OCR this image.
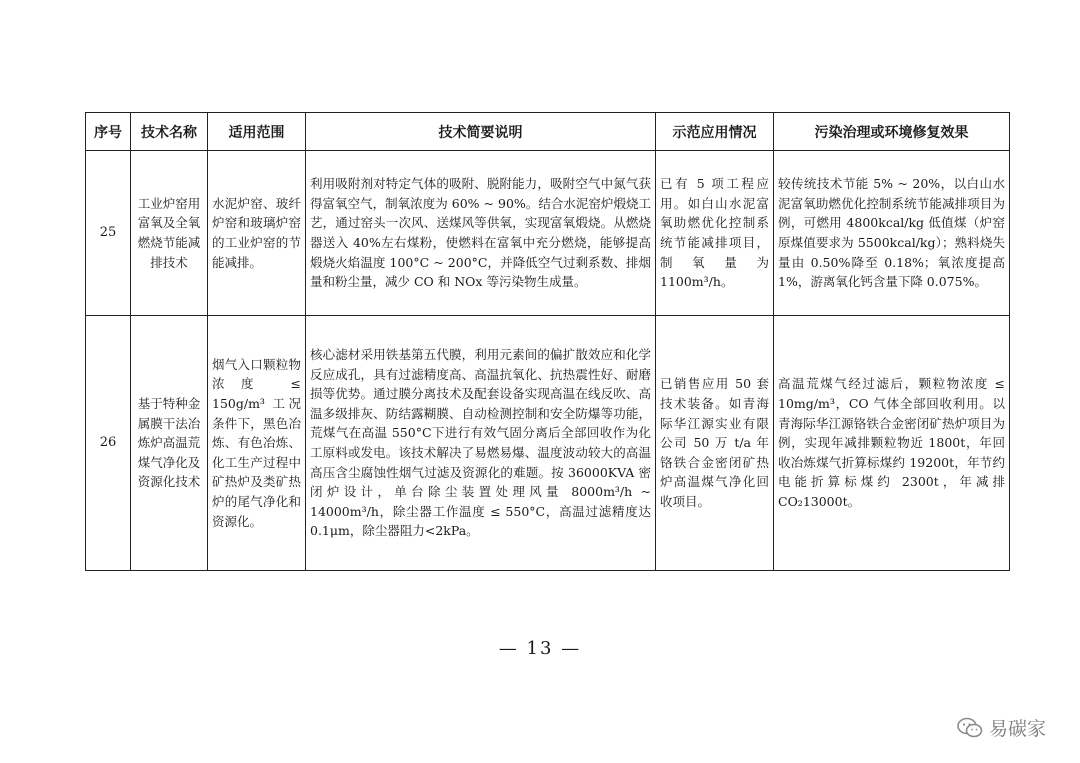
序号	技术名称	适用范围	技术简要说明	示范应用情况	污染治理或环境修复效果
25	工业炉窑用富氧及全氧燃烧节能减排技术	水泥炉窑、玻纤炉窑和玻璃炉窑的工业炉窑的节能减排。	利用吸附剂对特定气体的吸附、脱附能力，吸附空气中氮气获得富氧空气，制氧浓度为 60% ~ 90%。结合水泥窑炉煅烧工艺，通过窑头一次风、送煤风等供氧，实现富氧煅烧。从燃烧器送入 40%左右煤粉，使燃料在富氧中充分燃烧，能够提高煅烧火焰温度 100°C ~ 200°C，并降低空气过剩系数、排烟量和粉尘量，减少 CO 和 NOx 等污染物生成量。	已有 5 项工程应用。如白山水泥富氧助燃优化控制系统节能减排项目，制氧量为 1100m³/h。	较传统技术节能 5% ~ 20%，以白山水泥富氧助燃优化控制系统节能减排项目为例，可燃用 4800kcal/kg 低值煤（炉窑原煤值要求为 5500kcal/kg）；熟料烧失量由 0.50%降至 0.18%；氧浓度提高 1%，游离氧化钙含量下降 0.075%。
26	基于特种金属膜干法冶炼炉高温荒煤气净化及资源化技术	烟气入口颗粒物浓度 ≤ 150g/m³ 工况条件下，黑色冶炼、有色冶炼、化工生产过程中矿热炉及类矿热炉的尾气净化和资源化。	核心滤材采用铁基第五代膜，利用元素间的偏扩散效应和化学反应成孔，具有过滤精度高、高温抗氧化、抗热震性好、耐磨损等优势。通过膜分离技术及配套设备实现高温在线反吹、高温多级排灰、防结露糊膜、自动检测控制和安全防爆等功能，荒煤气在高温 550°C下进行有效气固分离后全部回收作为化工原料或发电。该技术解决了易燃易爆、温度波动较大的高温高压含尘腐蚀性烟气过滤及资源化的难题。按 36000KVA 密闭炉设计，单台除尘装置处理风量 8000m³/h ~ 14000m³/h，除尘器工作温度 ≤ 550°C，高温过滤精度达 0.1μm，除尘器阻力<2kPa。	已销售应用 50 套技术装备。如青海际华江源实业有限公司 50 万 t/a 年铬铁合金密闭矿热炉高温煤气净化回收项目。	高温荒煤气经过滤后，颗粒物浓度 ≤ 10mg/m³，CO 气体全部回收利用。以青海际华江源铬铁合金密闭矿热炉项目为例，实现年减排颗粒物近 1800t，年回收冶炼煤气折算标煤约 19200t，年节约电能折算标煤约 2300t，年减排 CO₂13000t。
— 13 —
易碳家
